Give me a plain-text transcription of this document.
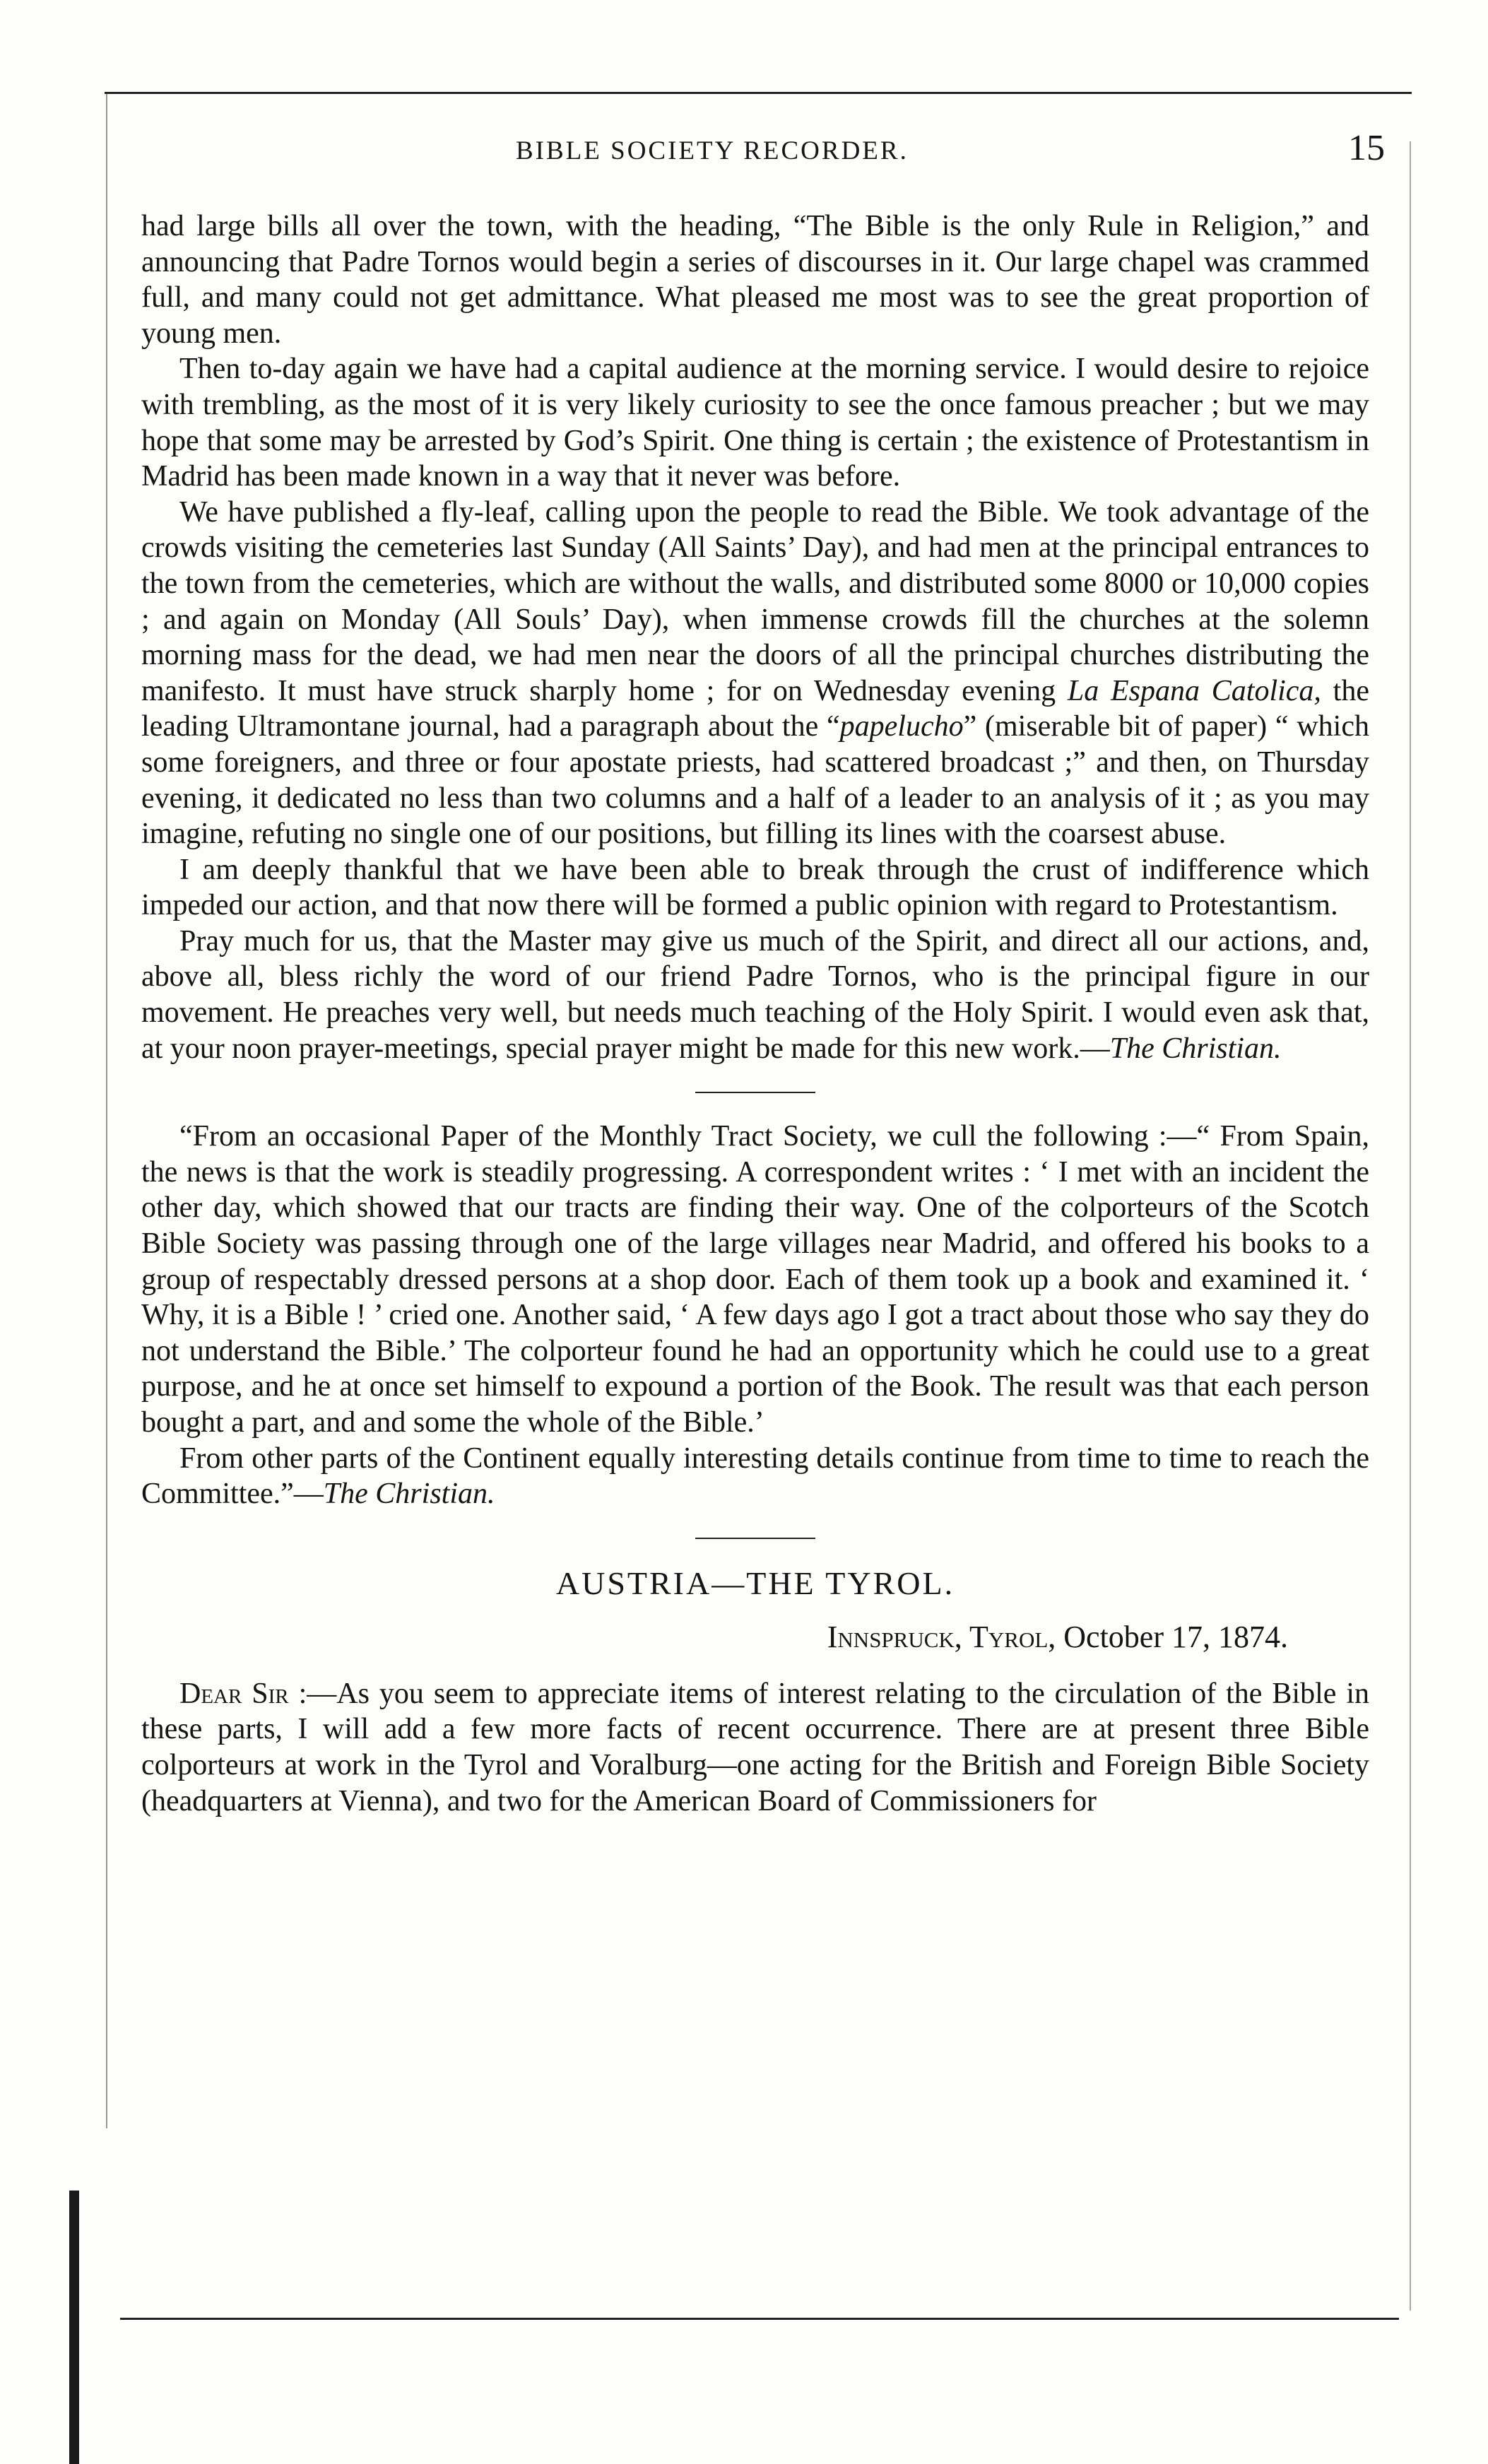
BIBLE SOCIETY RECORDER.	15

had large bills all over the town, with the heading, “The Bible is the only Rule in Religion,” and announcing that Padre Tornos would begin a series of discourses in it. Our large chapel was crammed full, and many could not get admittance. What pleased me most was to see the great proportion of young men.

Then to-day again we have had a capital audience at the morning service. I would desire to rejoice with trembling, as the most of it is very likely curiosity to see the once famous preacher ; but we may hope that some may be arrested by God’s Spirit. One thing is certain ; the existence of Protestantism in Madrid has been made known in a way that it never was before.

We have published a fly-leaf, calling upon the people to read the Bible. We took advantage of the crowds visiting the cemeteries last Sunday (All Saints’ Day), and had men at the principal entrances to the town from the cemeteries, which are without the walls, and distributed some 8000 or 10,000 copies ; and again on Monday (All Souls’ Day), when immense crowds fill the churches at the solemn morning mass for the dead, we had men near the doors of all the principal churches distributing the manifesto. It must have struck sharply home ; for on Wednesday evening La Espana Catolica, the leading Ultramontane journal, had a paragraph about the “papelucho” (miserable bit of paper) “ which some foreigners, and three or four apostate priests, had scattered broadcast ;” and then, on Thursday evening, it dedicated no less than two columns and a half of a leader to an analysis of it ; as you may imagine, refuting no single one of our positions, but filling its lines with the coarsest abuse.

I am deeply thankful that we have been able to break through the crust of indifference which impeded our action, and that now there will be formed a public opinion with regard to Protestantism.

Pray much for us, that the Master may give us much of the Spirit, and direct all our actions, and, above all, bless richly the word of our friend Padre Tornos, who is the principal figure in our movement. He preaches very well, but needs much teaching of the Holy Spirit. I would even ask that, at your noon prayer-meetings, special prayer might be made for this new work.—The Christian.

“From an occasional Paper of the Monthly Tract Society, we cull the following :—“ From Spain, the news is that the work is steadily progressing. A correspondent writes : ‘ I met with an incident the other day, which showed that our tracts are finding their way. One of the colporteurs of the Scotch Bible Society was passing through one of the large villages near Madrid, and offered his books to a group of respectably dressed persons at a shop door. Each of them took up a book and examined it. ‘ Why, it is a Bible ! ’ cried one. Another said, ‘ A few days ago I got a tract about those who say they do not understand the Bible.’ The colporteur found he had an opportunity which he could use to a great purpose, and he at once set himself to expound a portion of the Book. The result was that each person bought a part, and and some the whole of the Bible.’

From other parts of the Continent equally interesting details continue from time to time to reach the Committee.”—The Christian.

AUSTRIA—THE TYROL.
Innspruck, Tyrol, October 17, 1874.

Dear Sir :—As you seem to appreciate items of interest relating to the circulation of the Bible in these parts, I will add a few more facts of recent occurrence. There are at present three Bible colporteurs at work in the Tyrol and Voralburg—one acting for the British and Foreign Bible Society (headquarters at Vienna), and two for the American Board of Commissioners for
